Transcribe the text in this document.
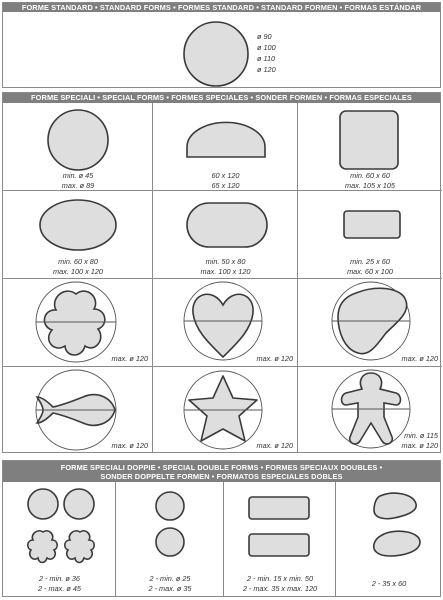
FORME STANDARD • STANDARD FORMS • FORMES STANDARD • STANDARD FORMEN • FORMAS ESTÁNDAR
ø 90
ø 100
ø 110
ø 120
FORME SPECIALI • SPECIAL FORMS • FORMES SPECIALES • SONDER FORMEN • FORMAS ESPECIALES
min. ø 45
max. ø 89
60 x 120
65 x 120
min. 60 x 60
max. 105 x 105
min. 60 x 80
max. 100 x 120
min. 50 x 80
max. 100 x 120
min. 25 x 60
max. 60 x 100
max. ø 120	max. ø 120	max. ø 120
max. ø 120	max. ø 120
min. ø 115
max. ø 120
FORME SPECIALI DOPPIE • SPECIAL DOUBLE FORMS • FORMES SPECIAUX DOUBLES •
SONDER DOPPELTE FORMEN • FORMATOS ESPECIALES DOBLES
2 - min. ø 36
2 - max. ø 45
2 - min. ø 25
2 - max. ø 35
2 - min. 15 x min. 50
2 - max. 35 x max. 120
2 - 35 x 60
